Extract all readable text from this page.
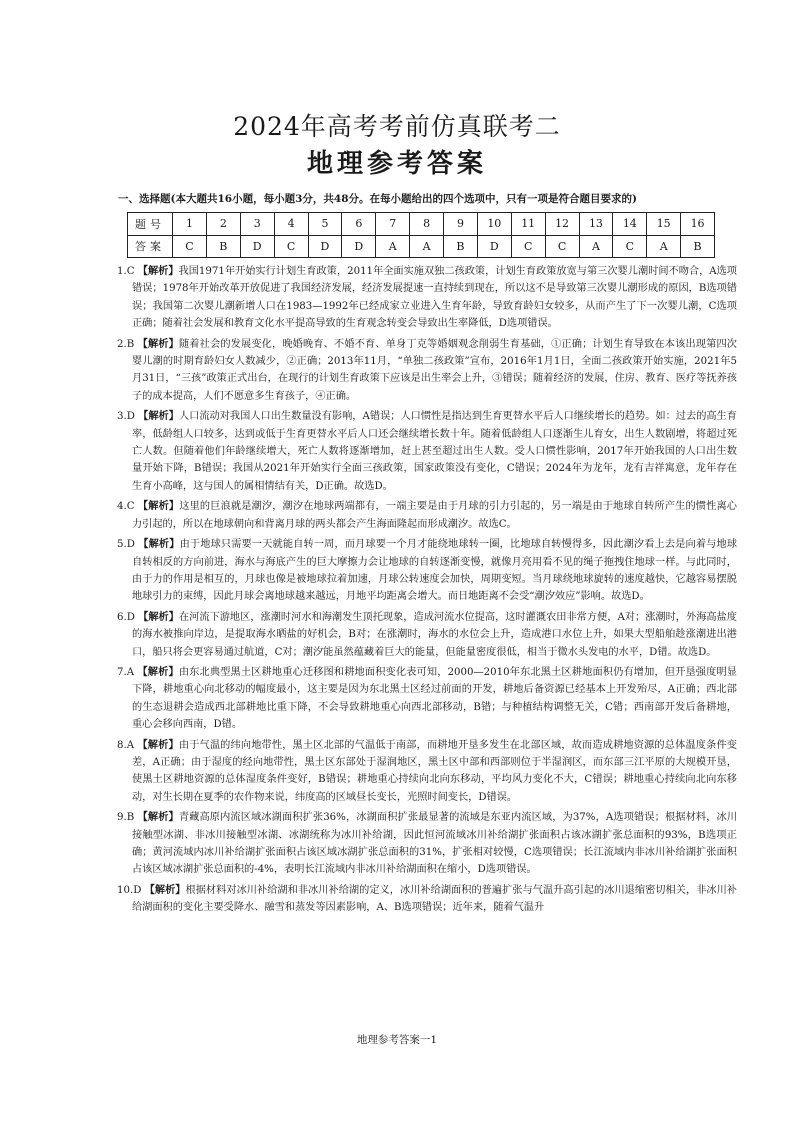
2024年高考考前仿真联考二
地理参考答案
一、选择题(本大题共16小题，每小题3分，共48分。在每小题给出的四个选项中，只有一项是符合题目要求的)
题号	1	2	3	4	5	6	7	8	9	10	11	12	13	14	15	16
答案	C	B	D	C	D	D	A	A	B	D	C	C	A	C	A	B
1.C 【解析】我国1971年开始实行计划生育政策，2011年全面实施双独二孩政策，计划生育政策放宽与第三次婴儿潮时间不吻合，A选项错误；1978年开始改革开放促进了我国经济发展，经济发展提速一直持续到现在，所以这不是导致第三次婴儿潮形成的原因，B选项错误；我国第二次婴儿潮新增人口在1983—1992年已经成家立业进入生育年龄，导致育龄妇女较多，从而产生了下一次婴儿潮，C选项正确；随着社会发展和教育文化水平提高导致的生育观念转变会导致出生率降低，D选项错误。
2.B 【解析】随着社会的发展变化，晚婚晚育、不婚不育、单身丁克等婚姻观念削弱生育基础，①正确；计划生育导致在本该出现第四次婴儿潮的时期育龄妇女人数减少，②正确；2013年11月，“单独二孩政策”宣布，2016年1月1日，全面二孩政策开始实施，2021年5月31日，“三孩”政策正式出台，在现行的计划生育政策下应该是出生率会上升，③错误；随着经济的发展，住房、教育、医疗等抚养孩子的成本提高，人们不愿意多生育孩子，④正确。
3.D 【解析】人口流动对我国人口出生数量没有影响，A错误；人口惯性是指达到生育更替水平后人口继续增长的趋势。如：过去的高生育率，低龄组人口较多，达到或低于生育更替水平后人口还会继续增长数十年。随着低龄组人口逐渐生儿育女，出生人数剧增，将超过死亡人数。但随着他们年龄继续增大，死亡人数将逐渐增加，赶上甚至超过出生人数。受人口惯性影响，2017年开始我国的人口出生数量开始下降，B错误；我国从2021年开始实行全面三孩政策，国家政策没有变化，C错误；2024年为龙年，龙有吉祥寓意，龙年存在生育小高峰，这与国人的属相情结有关，D正确。故选D。
4.C 【解析】这里的巨浪就是潮汐，潮汐在地球两端都有，一端主要是由于月球的引力引起的，另一端是由于地球自转所产生的惯性离心力引起的，所以在地球朝向和背离月球的两头都会产生海面隆起而形成潮汐。故选C。
5.D 【解析】由于地球只需要一天就能自转一周，而月球要一个月才能绕地球转一圈，比地球自转慢得多，因此潮汐看上去是向着与地球自转相反的方向前进，海水与海底产生的巨大摩擦力会让地球的自转逐渐变慢，就像月亮用看不见的绳子拖拽住地球一样。与此同时，由于力的作用是相互的，月球也像是被地球拉着加速，月球公转速度会加快，周期变短。当月球绕地球旋转的速度越快，它越容易摆脱地球引力的束缚，因此月球会离地球越来越远，月地平均距离会增大。而日地距离不会受“潮汐效应”影响。故选D。
6.D 【解析】在河流下游地区，涨潮时河水和海潮发生顶托现象，造成河流水位提高，这时灌溉农田非常方便，A对；涨潮时，外海高盐度的海水被推向岸边，是提取海水晒盐的好机会，B对；在涨潮时，海水的水位会上升，造成港口水位上升，如果大型船舶趁涨潮进出港口，船只将会更容易通过航道，C对；潮汐能虽然蕴藏着巨大的能量，但能量密度很低，相当于微水头发电的水平，D错。故选D。
7.A 【解析】由东北典型黑土区耕地重心迁移图和耕地面积变化表可知，2000—2010年东北黑土区耕地面积仍有增加，但开垦强度明显下降，耕地重心向北移动的幅度最小，这主要是因为东北黑土区经过前面的开发，耕地后备资源已经基本上开发殆尽，A正确；西北部的生态退耕会造成西北部耕地比重下降，不会导致耕地重心向西北部移动，B错；与种植结构调整无关，C错；西南部开发后备耕地，重心会移向西南，D错。
8.A 【解析】由于气温的纬向地带性，黑土区北部的气温低于南部，而耕地开垦多发生在北部区域，故而造成耕地资源的总体温度条件变差，A正确；由于湿度的经向地带性，黑土区东部处于湿润地区，黑土区中部和西部则位于半湿润区，而东部三江平原的大规模开垦，使黑土区耕地资源的总体湿度条件变好，B错误；耕地重心持续向北向东移动，平均风力变化不大，C错误；耕地重心持续向北向东移动，对生长期在夏季的农作物来说，纬度高的区域昼长变长，光照时间变长，D错误。
9.B 【解析】青藏高原内流区域冰湖面积扩张36%，冰湖面积扩张最显著的流域是东亚内流区域，为37%，A选项错误；根据材料，冰川接触型冰湖、非冰川接触型冰湖、冰湖统称为冰川补给湖，因此恒河流域冰川补给湖扩张面积占该冰湖扩张总面积的93%，B选项正确；黄河流域内冰川补给湖扩张面积占该区域冰湖扩张总面积的31%，扩张相对较慢，C选项错误；长江流域内非冰川补给湖扩张面积占该区域冰湖扩张总面积的-4%，表明长江流域内非冰川补给湖面积在缩小，D选项错误。
10.D 【解析】根据材料对冰川补给湖和非冰川补给湖的定义，冰川补给湖面积的普遍扩张与气温升高引起的冰川退缩密切相关，非冰川补给湖面积的变化主要受降水、融雪和蒸发等因素影响，A、B选项错误；近年来，随着气温升
地理参考答案一1
